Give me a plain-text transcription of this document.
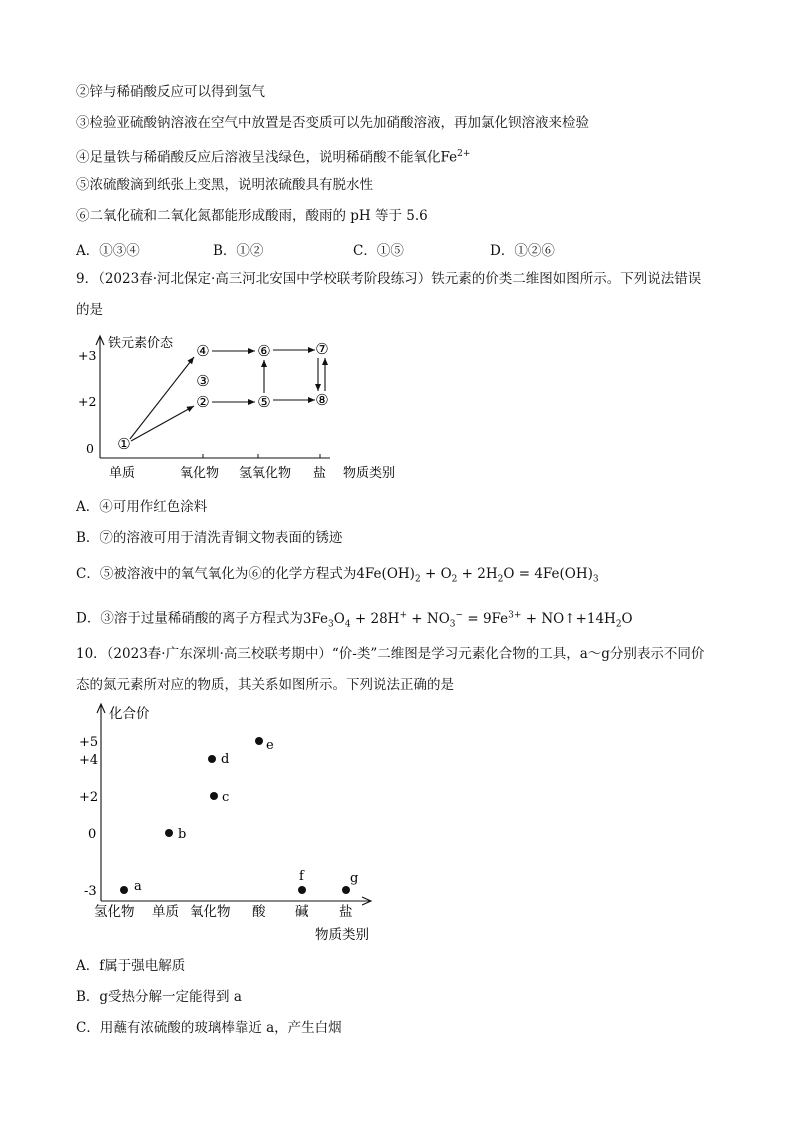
②锌与稀硝酸反应可以得到氢气
③检验亚硫酸钠溶液在空气中放置是否变质可以先加硝酸溶液，再加氯化钡溶液来检验
④足量铁与稀硝酸反应后溶液呈浅绿色，说明稀硝酸不能氧化$Fe^{2+}$
⑤浓硫酸滴到纸张上变黑，说明浓硫酸具有脱水性
⑥二氧化硫和二氧化氮都能形成酸雨，酸雨的 pH 等于 5.6
A．①③④	B．①②	C．①⑤	D．①②⑥
9．（2023春·河北保定·高三河北安国中学校联考阶段练习）铁元素的价类二维图如图所示。下列说法错误
的是
铁元素价态
+3
+2
0
单质	氧化物 氢氧化物 盐 物质类别
①
②
③
④
⑤
⑥	⑦
⑧
A．④可用作红色涂料
B．⑦的溶液可用于清洗青铜文物表面的锈迹
C．⑤被溶液中的氧气氧化为⑥的化学方程式为$4Fe(OH)_2 + O_2 + 2H_2O = 4Fe(OH)_3$
D．③溶于过量稀硝酸的离子方程式为$3Fe_3O_4 + 28H^+ + NO_3^- = 9Fe^{3+}$ + $NO↑+14H_2O$
10．（2023春·广东深圳·高三校联考期中）“价-类”二维图是学习元素化合物的工具，a～g分别表示不同价
态的氮元素所对应的物质，其关系如图所示。下列说法正确的是
化合价
+5
+4
+2
0
-3
氢化物 单质 氧化物 酸 碱 盐
物质类别
a
b
c
d
e
f	g
A．f属于强电解质
B．g受热分解一定能得到 a
C．用蘸有浓硫酸的玻璃棒靠近 a，产生白烟
